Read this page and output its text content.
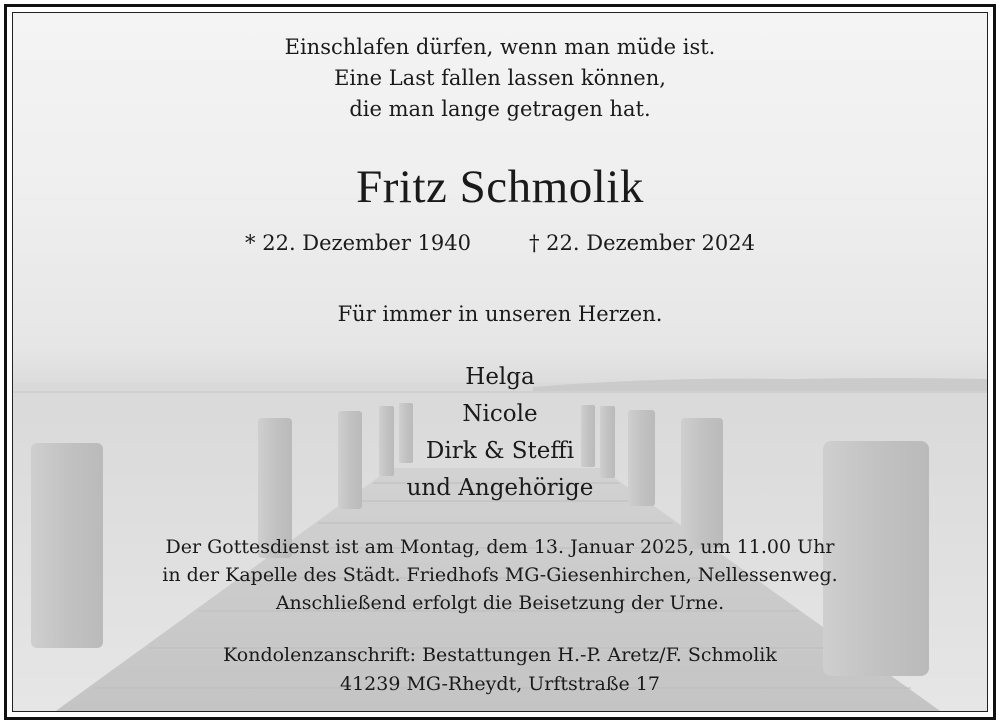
Einschlafen dürfen, wenn man müde ist.
Eine Last fallen lassen können,
die man lange getragen hat.
Fritz Schmolik
* 22. Dezember 1940	† 22. Dezember 2024
Für immer in unseren Herzen.
Helga
Nicole
Dirk & Steffi
und Angehörige
Der Gottesdienst ist am Montag, dem 13. Januar 2025, um 11.00 Uhr
in der Kapelle des Städt. Friedhofs MG-Giesenhirchen, Nellessenweg.
Anschließend erfolgt die Beisetzung der Urne.
Kondolenzanschrift: Bestattungen H.-P. Aretz/F. Schmolik
41239 MG-Rheydt, Urftstraße 17
